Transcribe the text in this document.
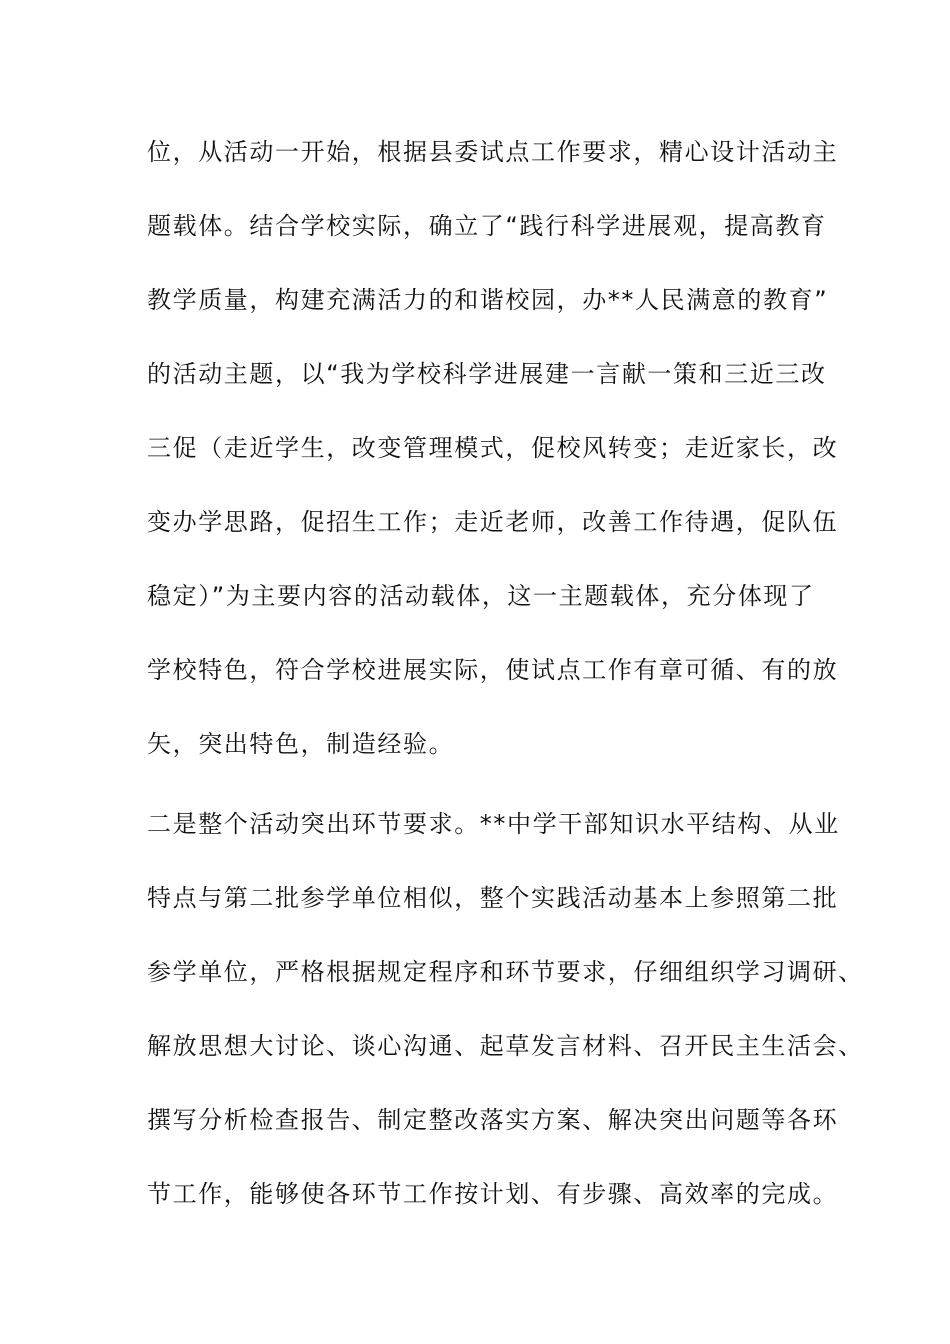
位，从活动一开始，根据县委试点工作要求，精心设计活动主
题载体。结合学校实际，确立了“践行科学进展观，提高教育
教学质量，构建充满活力的和谐校园，办**人民满意的教育”
的活动主题，以“我为学校科学进展建一言献一策和三近三改
三促（走近学生，改变管理模式，促校风转变；走近家长，改
变办学思路，促招生工作；走近老师，改善工作待遇，促队伍
稳定）”为主要内容的活动载体，这一主题载体，充分体现了
学校特色，符合学校进展实际，使试点工作有章可循、有的放
矢，突出特色，制造经验。
二是整个活动突出环节要求。**中学干部知识水平结构、从业
特点与第二批参学单位相似，整个实践活动基本上参照第二批
参学单位，严格根据规定程序和环节要求，仔细组织学习调研、
解放思想大讨论、谈心沟通、起草发言材料、召开民主生活会、
撰写分析检查报告、制定整改落实方案、解决突出问题等各环
节工作，能够使各环节工作按计划、有步骤、高效率的完成。
